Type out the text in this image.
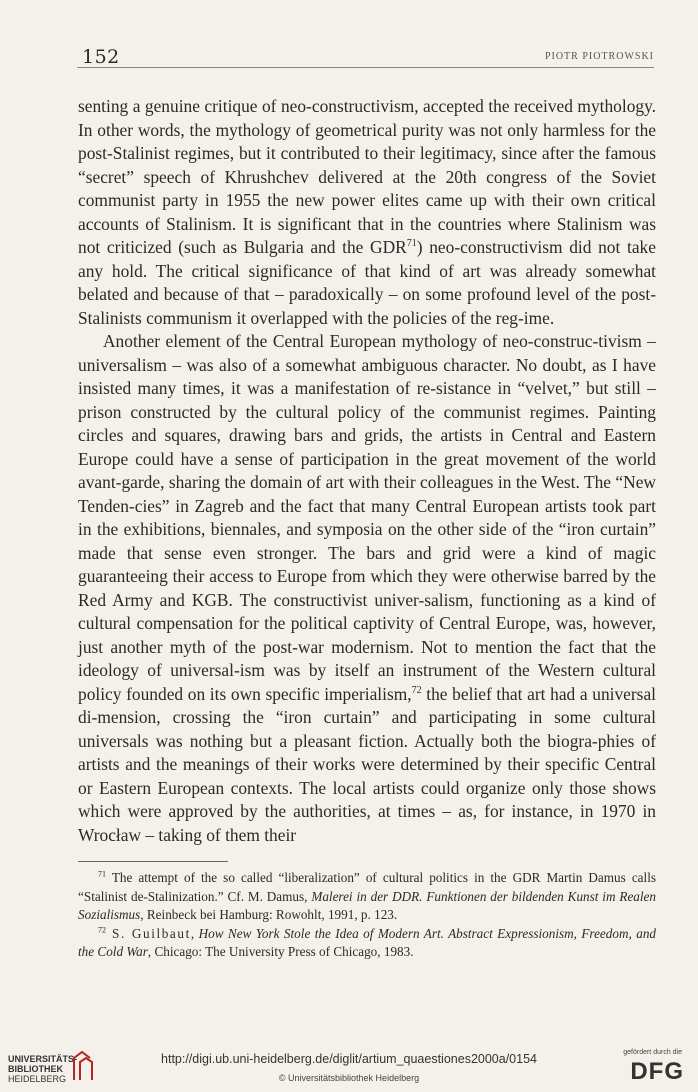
152	PIOTR PIOTROWSKI

senting a genuine critique of neo-constructivism, accepted the received mythology. In other words, the mythology of geometrical purity was not only harmless for the post-Stalinist regimes, but it contributed to their legitimacy, since after the famous “secret” speech of Khrushchev delivered at the 20th congress of the Soviet communist party in 1955 the new power elites came up with their own critical accounts of Stalinism. It is significant that in the countries where Stalinism was not criticized (such as Bulgaria and the GDR$^{71}$) neo-constructivism did not take any hold. The critical significance of that kind of art was already somewhat belated and because of that – paradoxically – on some profound level of the post-Stalinists communism it overlapped with the policies of the reg-ime.

Another element of the Central European mythology of neo-construc-tivism – universalism – was also of a somewhat ambiguous character. No doubt, as I have insisted many times, it was a manifestation of re-sistance in “velvet,” but still – prison constructed by the cultural policy of the communist regimes. Painting circles and squares, drawing bars and grids, the artists in Central and Eastern Europe could have a sense of participation in the great movement of the world avant-garde, sharing the domain of art with their colleagues in the West. The “New Tenden-cies” in Zagreb and the fact that many Central European artists took part in the exhibitions, biennales, and symposia on the other side of the “iron curtain” made that sense even stronger. The bars and grid were a kind of magic guaranteeing their access to Europe from which they were otherwise barred by the Red Army and KGB. The constructivist univer-salism, functioning as a kind of cultural compensation for the political captivity of Central Europe, was, however, just another myth of the post-war modernism. Not to mention the fact that the ideology of universal-ism was by itself an instrument of the Western cultural policy founded on its own specific imperialism,$^{72}$ the belief that art had a universal di-mension, crossing the “iron curtain” and participating in some cultural universals was nothing but a pleasant fiction. Actually both the biogra-phies of artists and the meanings of their works were determined by their specific Central or Eastern European contexts. The local artists could organize only those shows which were approved by the authorities, at times – as, for instance, in 1970 in Wrocław – taking of them their

$^{71}$ The attempt of the so called “liberalization” of cultural politics in the GDR Martin Damus calls “Stalinist de-Stalinization.” Cf. M. Damus, Malerei in der DDR. Funktionen der bildenden Kunst im Realen Sozialismus, Reinbeck bei Hamburg: Rowohlt, 1991, p. 123.

$^{72}$ S. Guilbaut, How New York Stole the Idea of Modern Art. Abstract Expressionism, Freedom, and the Cold War, Chicago: The University Press of Chicago, 1983.

UNIVERSITÄTS-
BIBLIOTHEK
HEIDELBERG
http://digi.ub.uni-heidelberg.de/diglit/artium_quaestiones2000a/0154
© Universitätsbibliothek Heidelberg
gefördert durch die
DFG
